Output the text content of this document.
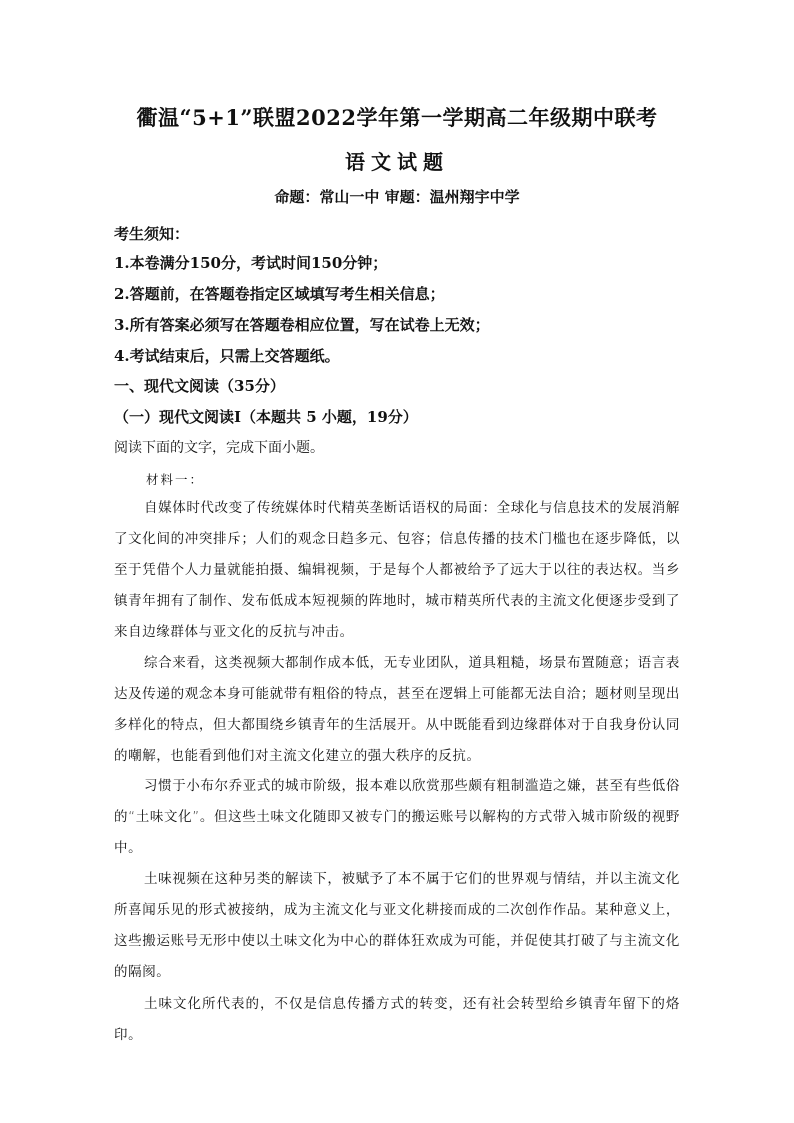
衢温“5+1”联盟2022学年第一学期高二年级期中联考
语文试题
命题：常山一中 审题：温州翔宇中学
考生须知：
1.本卷满分150分，考试时间150分钟；
2.答题前，在答题卷指定区域填写考生相关信息；
3.所有答案必须写在答题卷相应位置，写在试卷上无效；
4.考试结束后，只需上交答题纸。
一、现代文阅读（35分）
（一）现代文阅读I（本题共 5 小题，19分）
阅读下面的文字，完成下面小题。
材料一：

自媒体时代改变了传统媒体时代精英垄断话语权的局面：全球化与信息技术的发展消解了文化间的冲突排斥；人们的观念日趋多元、包容；信息传播的技术门槛也在逐步降低，以至于凭借个人力量就能拍摄、编辑视频，于是每个人都被给予了远大于以往的表达权。当乡镇青年拥有了制作、发布低成本短视频的阵地时，城市精英所代表的主流文化便逐步受到了来自边缘群体与亚文化的反抗与冲击。

综合来看，这类视频大都制作成本低，无专业团队，道具粗糙，场景布置随意；语言表达及传递的观念本身可能就带有粗俗的特点，甚至在逻辑上可能都无法自洽；题材则呈现出多样化的特点，但大都围绕乡镇青年的生活展开。从中既能看到边缘群体对于自我身份认同的嘲解，也能看到他们对主流文化建立的强大秩序的反抗。

习惯于小布尔乔亚式的城市阶级，报本难以欣赏那些颇有粗制滥造之嫌，甚至有些低俗的“土味文化”。但这些土味文化随即又被专门的搬运账号以解构的方式带入城市阶级的视野中。

土味视频在这种另类的解读下，被赋予了本不属于它们的世界观与情结，并以主流文化所喜闻乐见的形式被接纳，成为主流文化与亚文化耕接而成的二次创作作品。某种意义上，这些搬运账号无形中使以土味文化为中心的群体狂欢成为可能，并促使其打破了与主流文化的隔阂。

土味文化所代表的，不仅是信息传播方式的转变，还有社会转型给乡镇青年留下的烙印。
